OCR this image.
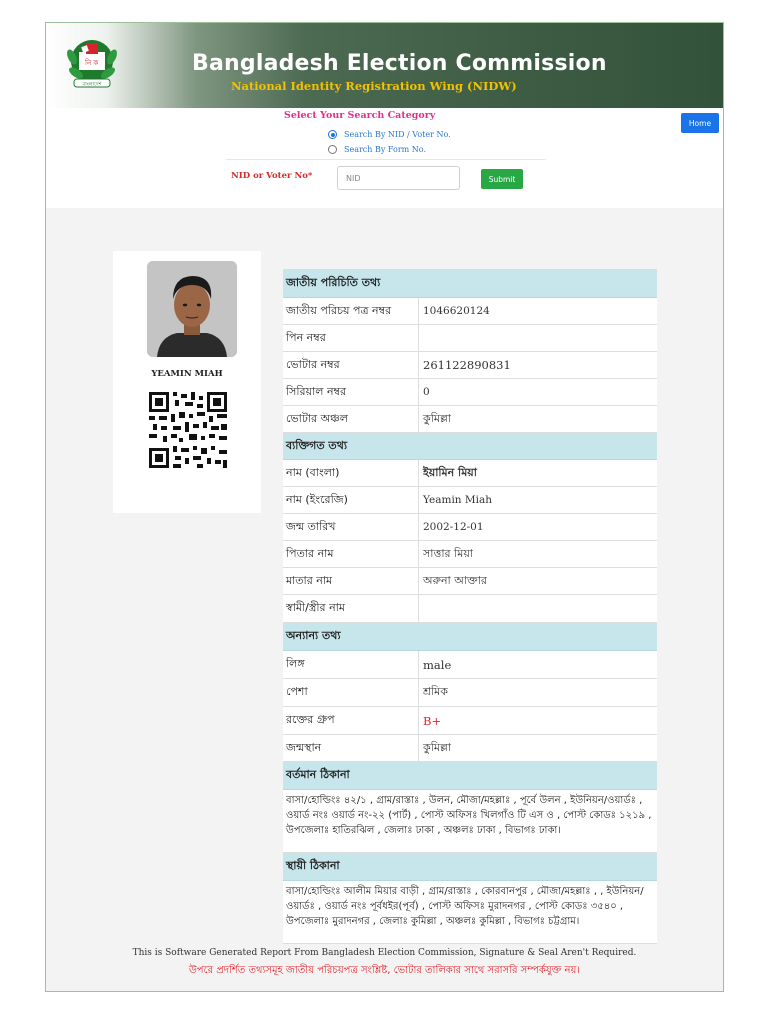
নি ক
বাংলাদেশ
Bangladesh Election Commission
National Identity Registration Wing (NIDW)
Select Your Search Category
Search By NID / Voter No.
Search By Form No.
NID or Voter No*
NID	Submit
Home
YEAMIN MIAH
জাতীয় পরিচিতি তথ্য
জাতীয় পরিচয় পত্র নম্বর	1046620124
পিন নম্বর
ভোটার নম্বর	261122890831
সিরিয়াল নম্বর	0
ভোটার অঞ্চল	কুমিল্লা
ব্যক্তিগত তথ্য
নাম (বাংলা)	ইয়ামিন মিয়া
নাম (ইংরেজি)	Yeamin Miah
জন্ম তারিখ	2002-12-01
পিতার নাম	সাত্তার মিয়া
মাতার নাম	অরুনা আক্তার
স্বামী/স্ত্রীর নাম
অন্যান্য তথ্য
লিঙ্গ	male
পেশা	শ্রমিক
রক্তের গ্রুপ	B+
জন্মস্থান	কুমিল্লা
বর্তমান ঠিকানা
বাসা/হোল্ডিংঃ ৪২/১ , গ্রাম/রাস্তাঃ , উলন, মৌজা/মহল্লাঃ , পূর্বে উলন , ইউনিয়ন/ওয়ার্ডঃ , ওয়ার্ড নংঃ ওয়ার্ড নং-২২ (পার্ট) , পোস্ট অফিসঃ খিলগাঁও টি এস ও , পোস্ট কোডঃ ১২১৯ , উপজেলাঃ হাতিরঝিল , জেলাঃ ঢাকা , অঞ্চলঃ ঢাকা , বিভাগঃ ঢাকা।
স্থায়ী ঠিকানা
বাসা/হোল্ডিংঃ আলীম মিয়ার বাড়ী , গ্রাম/রাস্তাঃ , কোরবানপুর , মৌজা/মহল্লাঃ , , ইউনিয়ন/ওয়ার্ডঃ , ওয়ার্ড নংঃ পূর্বধইর(পূর্ব) , পোস্ট অফিসঃ মুরাদনগর , পোস্ট কোডঃ ৩৫৪০ , উপজেলাঃ মুরাদনগর , জেলাঃ কুমিল্লা , অঞ্চলঃ কুমিল্লা , বিভাগঃ চট্টগ্রাম।
This is Software Generated Report From Bangladesh Election Commission, Signature & Seal Aren't Required.
উপরে প্রদর্শিত তথ্যসমূহ জাতীয় পরিচয়পত্র সংশ্লিষ্ট, ভোটার তালিকার সাথে সরাসরি সম্পর্কযুক্ত নয়।
